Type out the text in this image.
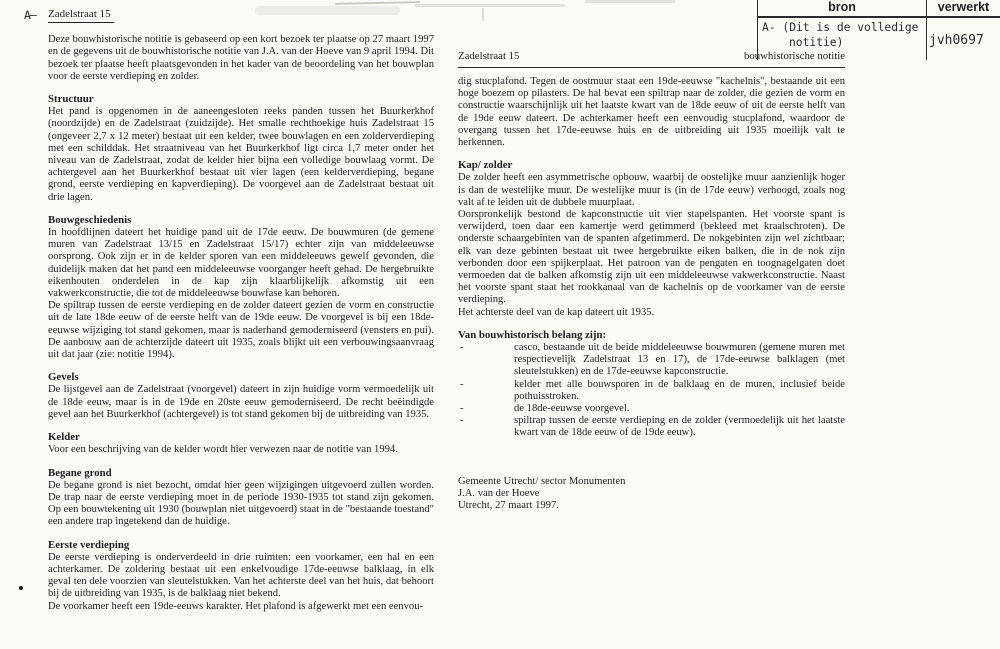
bron	verwerkt
A- (Dit is de volledige
notitie)	jvh0697
A— Zadelstraat 15

Deze bouwhistorische notitie is gebaseerd op een kort bezoek ter plaatse op 27 maart 1997 en de gegevens uit de bouwhistorische notitie van J.A. van der Hoeve van 9 april 1994. Dit bezoek ter plaatse heeft plaatsgevonden in het kader van de beoordeling van het bouwplan voor de eerste verdieping en zolder.

Structuur

Het pand is opgenomen in de aaneengesloten reeks panden tussen het Buurkerkhof (noordzijde) en de Zadelstraat (zuidzijde). Het smalle rechthoekige huis Zadelstraat 15 (ongeveer 2,7 x 12 meter) bestaat uit een kelder, twee bouwlagen en een zolderverdieping met een schilddak. Het straatniveau van het Buurkerkhof ligt circa 1,7 meter onder het niveau van de Zadelstraat, zodat de kelder hier bijna een volledige bouwlaag vormt. De achtergevel aan het Buurkerkhof bestaat uit vier lagen (een kelderverdieping, begane grond, eerste verdieping en kapverdieping). De voorgevel aan de Zadelstraat bestaat uit drie lagen.

Bouwgeschiedenis

In hoofdlijnen dateert het huidige pand uit de 17de eeuw. De bouwmuren (de gemene muren van Zadelstraat 13/15 en Zadelstraat 15/17) echter zijn van middeleeuwse oorsprong. Ook zijn er in de kelder sporen van een middeleeuws gewelf gevonden, die duidelijk maken dat het pand een middeleeuwse voorganger heeft gehad. De hergebruikte eikenhouten onderdelen in de kap zijn klaarblijkelijk afkomstig uit een vakwerkconstructie, die tot de middeleeuwse bouwfase kan behoren.

De spiltrap tussen de eerste verdieping en de zolder dateert gezien de vorm en constructie uit de late 18de eeuw of de eerste helft van de 19de eeuw. De voorgevel is bij een 18de-eeuwse wijziging tot stand gekomen, maar is naderhand gemoderniseerd (vensters en pui). De aanbouw aan de achterzijde dateert uit 1935, zoals blijkt uit een verbouwingsaanvraag uit dat jaar (zie: notitie 1994).

Gevels

De lijstgevel aan de Zadelstraat (voorgevel) dateert in zijn huidige vorm vermoedelijk uit de 18de eeuw, maar is in de 19de en 20ste eeuw gemoderniseerd. De recht beëindigde gevel aan het Buurkerkhof (achtergevel) is tot stand gekomen bij de uitbreiding van 1935.

Kelder

Voor een beschrijving van de kelder wordt hier verwezen naar de notitie van 1994.

Begane grond

De begane grond is niet bezocht, omdat hier geen wijzigingen uitgevoerd zullen worden. De trap naar de eerste verdieping moet in de periode 1930-1935 tot stand zijn gekomen. Op een bouwtekening uit 1930 (bouwplan niet uitgevoerd) staat in de "bestaande toestand" een andere trap ingetekend dan de huidige.

Eerste verdieping

De eerste verdieping is onderverdeeld in drie ruimten: een voorkamer, een hal en een achterkamer. De zoldering bestaat uit een enkelvoudige 17de-eeuwse balklaag, in elk geval ten dele voorzien van sleutelstukken. Van het achterste deel van het huis, dat behoort bij de uitbreiding van 1935, is de balklaag niet bekend.

De voorkamer heeft een 19de-eeuws karakter. Het plafond is afgewerkt met een eenvou-

Zadelstraat 15	bouwhistorische notitie

dig stucplafond. Tegen de oostmuur staat een 19de-eeuwse "kachelnis", bestaande uit een hoge boezem op pilasters. De hal bevat een spiltrap naar de zolder, die gezien de vorm en constructie waarschijnlijk uit het laatste kwart van de 18de eeuw of uit de eerste helft van de 19de eeuw dateert. De achterkamer heeft een eenvoudig stucplafond, waardoor de overgang tussen het 17de-eeuwse huis en de uitbreiding uit 1935 moeilijk valt te herkennen.

Kap/ zolder

De zolder heeft een asymmetrische opbouw, waarbij de oostelijke muur aanzienlijk hoger is dan de westelijke muur. De westelijke muur is (in de 17de eeuw) verhoogd, zoals nog valt af te leiden uit de dubbele muurplaat.

Oorspronkelijk bestond de kapconstructie uit vier stapelspanten. Het voorste spant is verwijderd, toen daar een kamertje werd getimmerd (bekleed met kraalschroten). De onderste schaargebinten van de spanten afgetimmerd. De nokgebinten zijn wel zichtbaar; elk van deze gebinten bestaat uit twee hergebruikte eiken balken, die in de nok zijn verbonden door een spijkerplaat. Het patroon van de pengaten en toognagelgaten doet vermoeden dat de balken afkomstig zijn uit een middeleeuwse vakwerkconstructie. Naast het voorste spant staat het rookkanaal van de kachelnis op de voorkamer van de eerste verdieping.

Het achterste deel van de kap dateert uit 1935.

Van bouwhistorisch belang zijn:
-	casco, bestaande uit de beide middeleeuwse bouwmuren (gemene muren met respectievelijk Zadelstraat 13 en 17), de 17de-eeuwse balklagen (met sleutelstukken) en de 17de-eeuwse kapconstructie.
-	kelder met alle bouwsporen in de balklaag en de muren, inclusief beide pothuisstroken.
-	de 18de-eeuwse voorgevel.
-	spiltrap tussen de eerste verdieping en de zolder (vermoedelijk uit het laatste kwart van de 18de eeuw of de 19de eeuw).
Gemeente Utrecht/ sector Monumenten
J.A. van der Hoeve
Utrecht, 27 maart 1997.
